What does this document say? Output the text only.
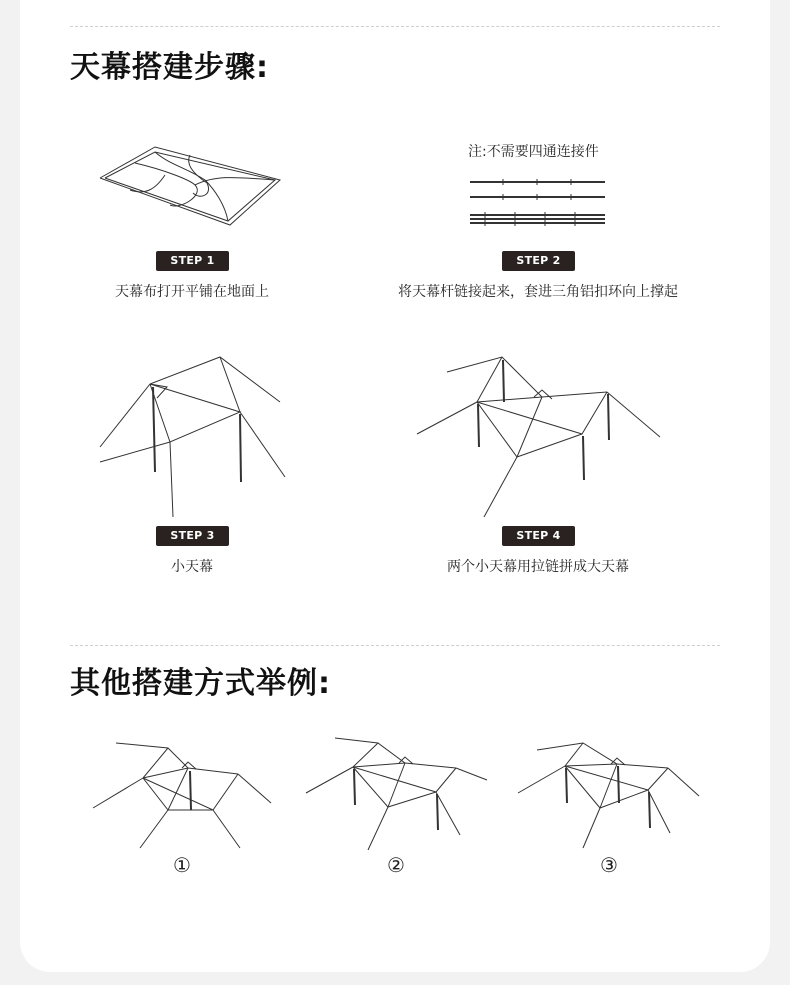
天幕搭建步骤:
注:不需要四通连接件
STEP 1	STEP 2
天幕布打开平铺在地面上	将天幕杆链接起来，套进三角铝扣环向上撑起
STEP 3	STEP 4
小天幕	两个小天幕用拉链拼成大天幕
其他搭建方式举例:
①	②	③
